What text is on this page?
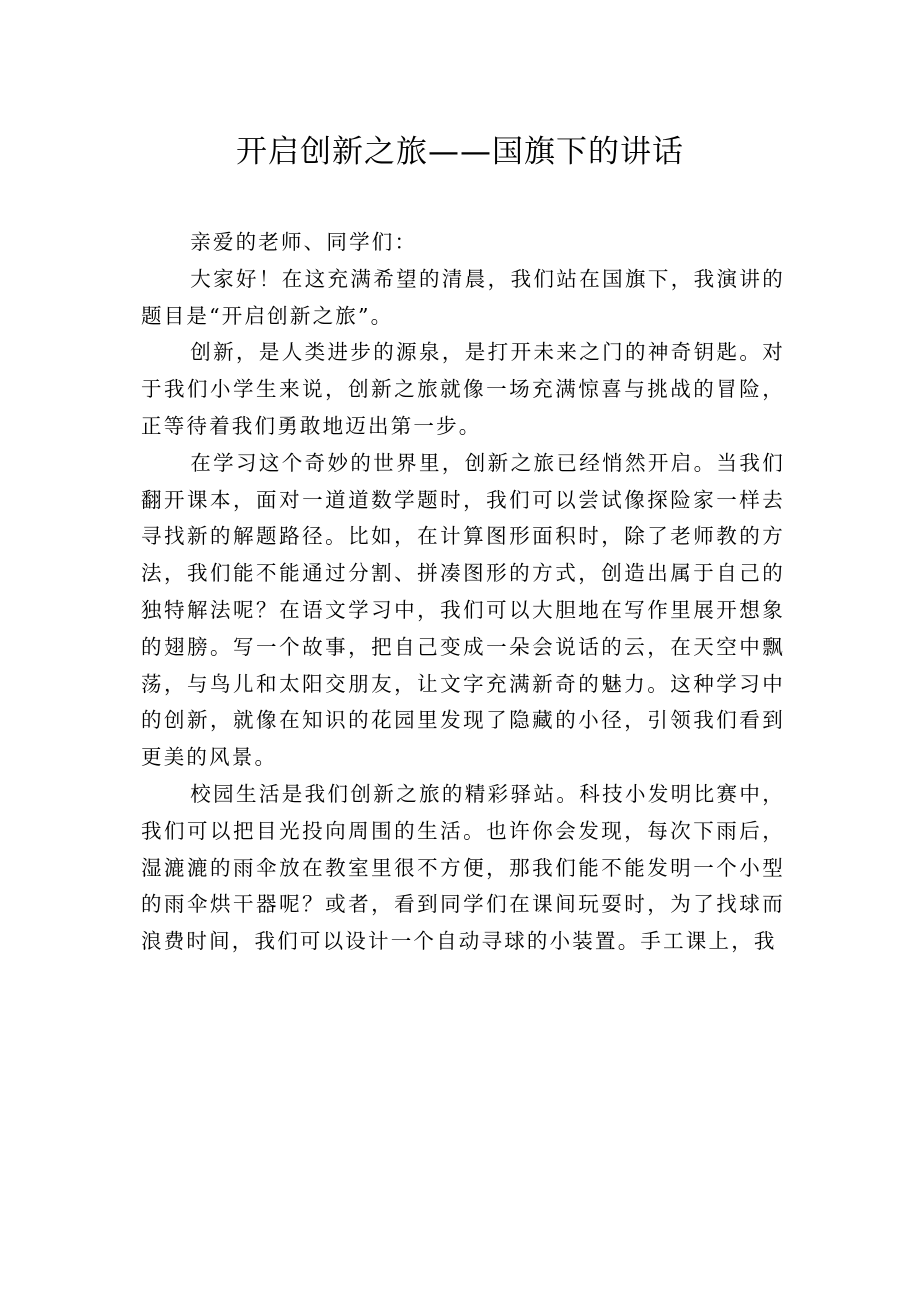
开启创新之旅——国旗下的讲话

亲爱的老师、同学们：

大家好！在这充满希望的清晨，我们站在国旗下，我演讲的题目是“开启创新之旅”。

创新，是人类进步的源泉，是打开未来之门的神奇钥匙。对于我们小学生来说，创新之旅就像一场充满惊喜与挑战的冒险，正等待着我们勇敢地迈出第一步。

在学习这个奇妙的世界里，创新之旅已经悄然开启。当我们翻开课本，面对一道道数学题时，我们可以尝试像探险家一样去寻找新的解题路径。比如，在计算图形面积时，除了老师教的方法，我们能不能通过分割、拼凑图形的方式，创造出属于自己的独特解法呢？在语文学习中，我们可以大胆地在写作里展开想象的翅膀。写一个故事，把自己变成一朵会说话的云，在天空中飘荡，与鸟儿和太阳交朋友，让文字充满新奇的魅力。这种学习中的创新，就像在知识的花园里发现了隐藏的小径，引领我们看到更美的风景。

校园生活是我们创新之旅的精彩驿站。科技小发明比赛中，我们可以把目光投向周围的生活。也许你会发现，每次下雨后，湿漉漉的雨伞放在教室里很不方便，那我们能不能发明一个小型的雨伞烘干器呢？或者，看到同学们在课间玩耍时，为了找球而浪费时间，我们可以设计一个自动寻球的小装置。手工课上，我
